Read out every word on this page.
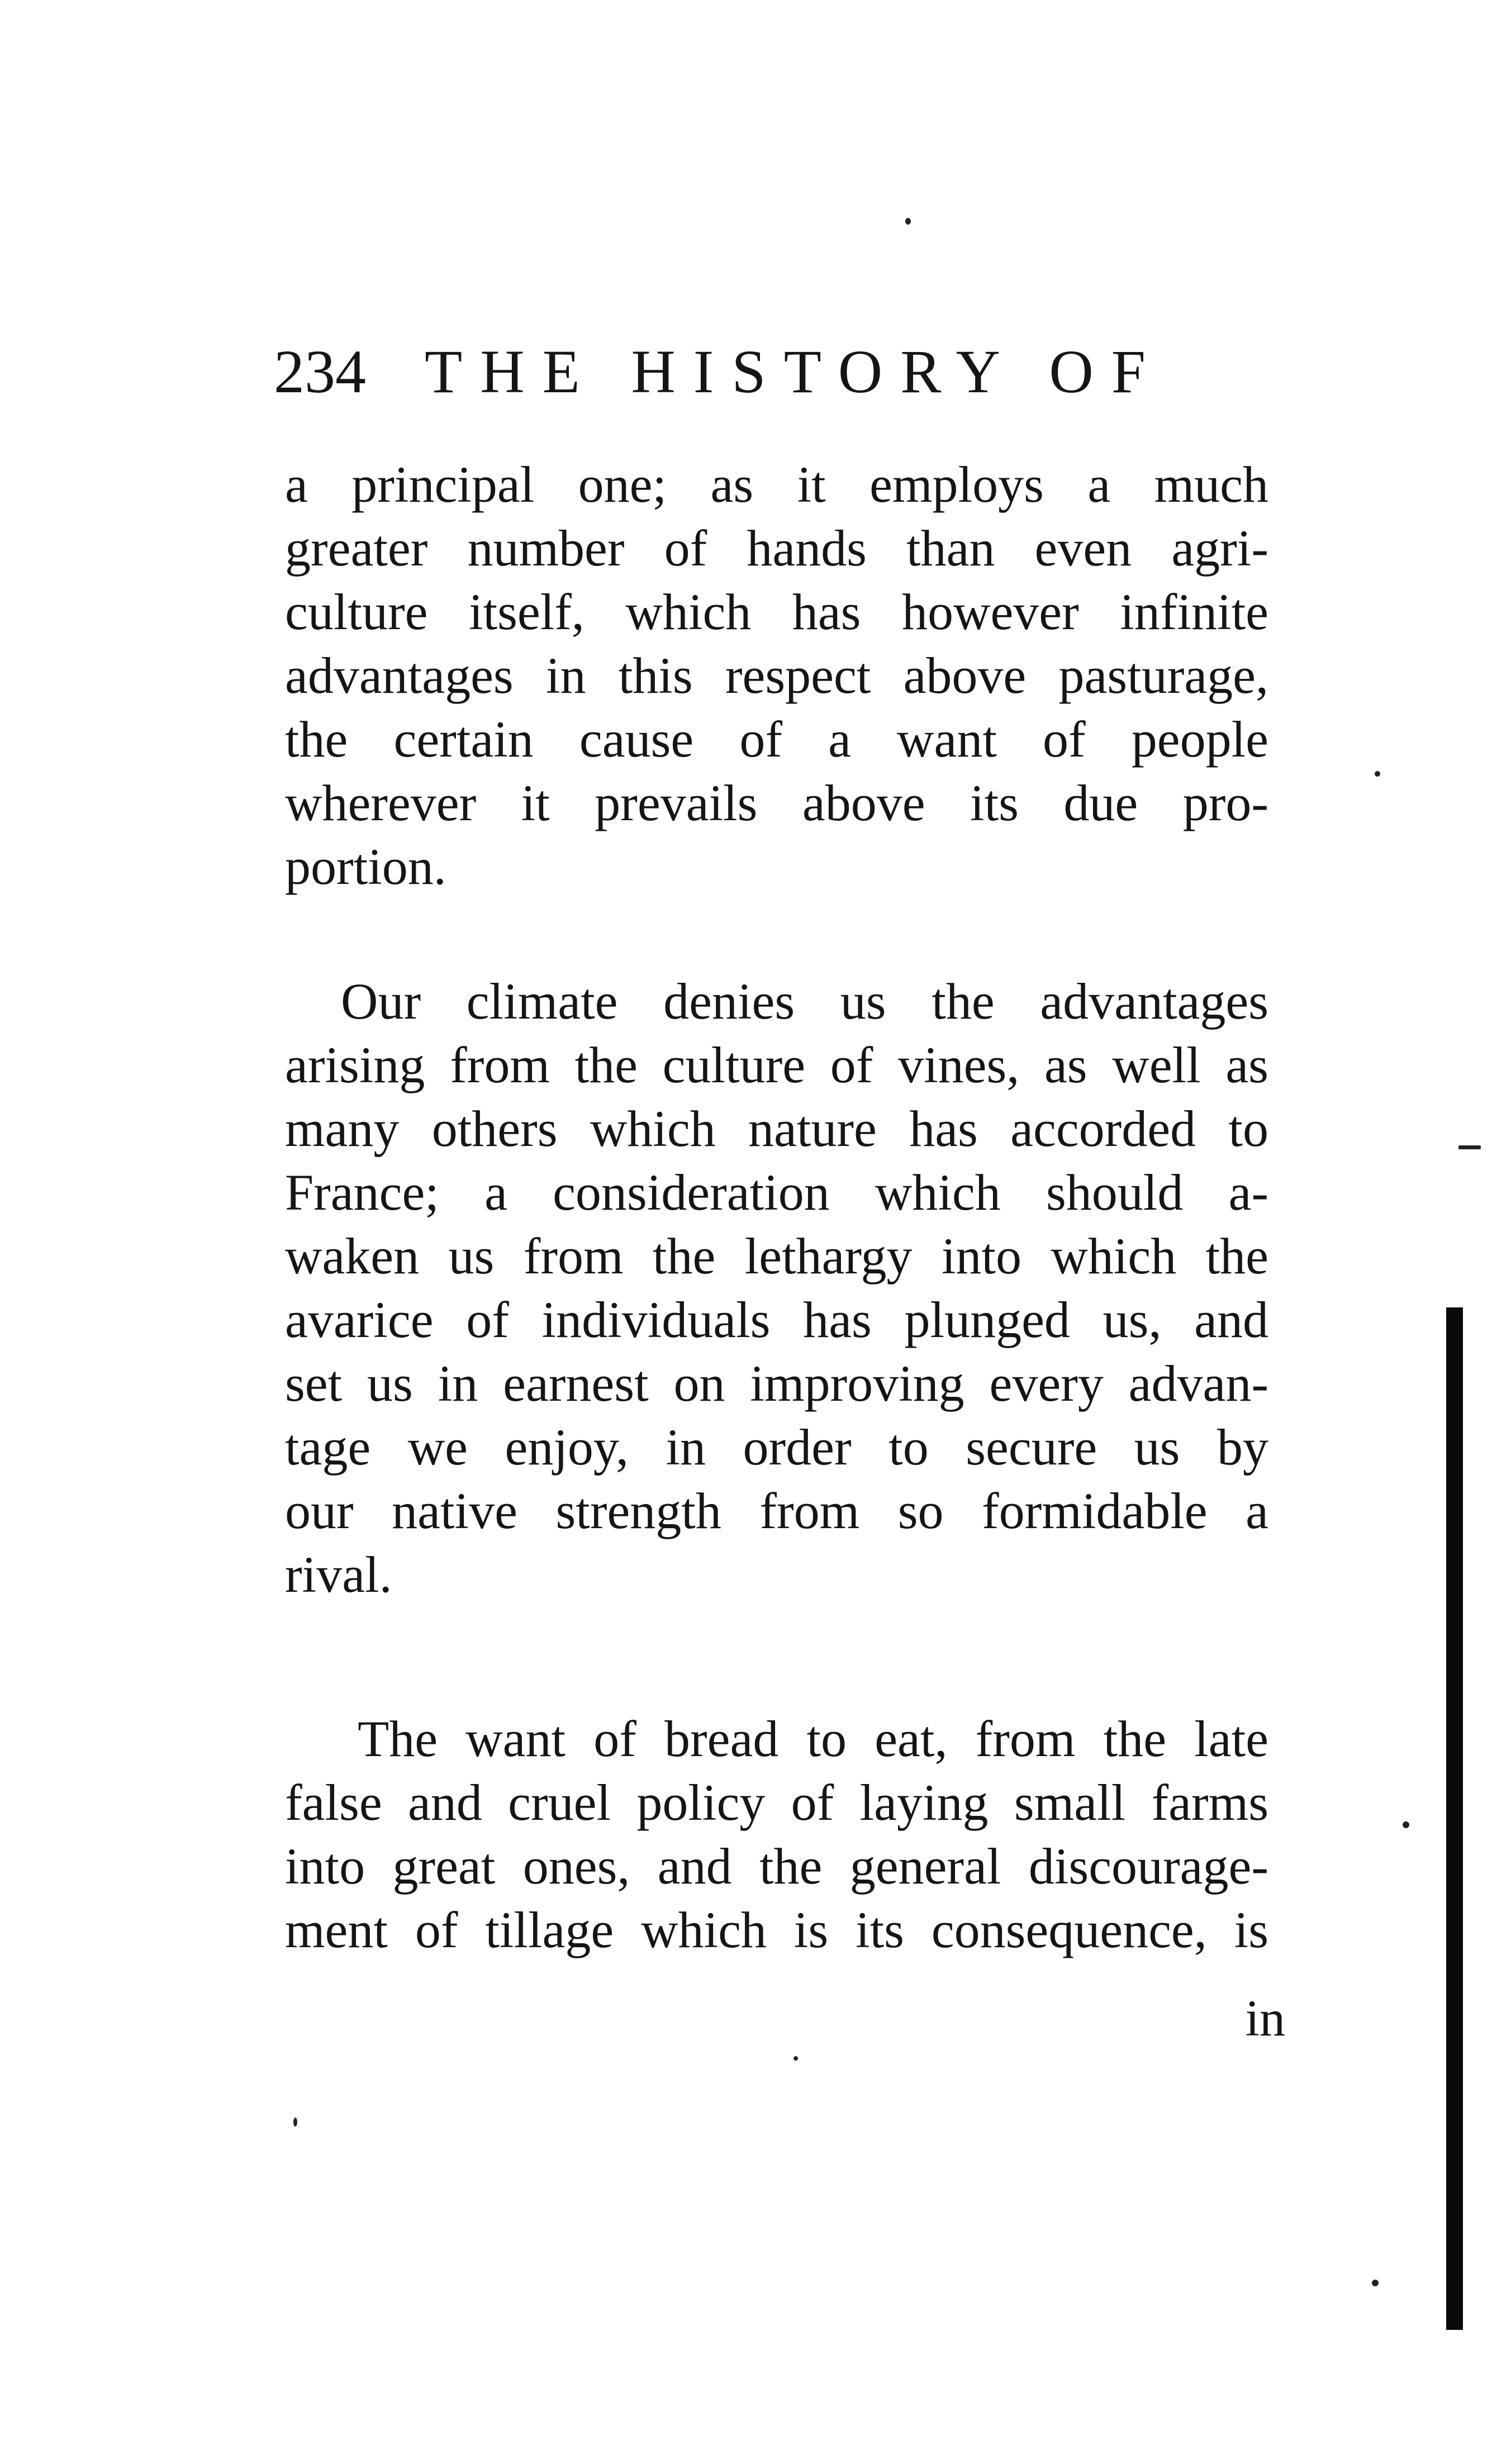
234 THE HISTORY OF
a principal one; as it employs a much
greater number of hands than even agri-
culture itself, which has however infinite
advantages in this respect above pasturage,
the certain cause of a want of people
wherever it prevails above its due pro-
portion.
Our climate denies us the advantages
arising from the culture of vines, as well as
many others which nature has accorded to
France; a consideration which should a-
waken us from the lethargy into which the
avarice of individuals has plunged us, and
set us in earnest on improving every advan-
tage we enjoy, in order to secure us by
our native strength from so formidable a
rival.
The want of bread to eat, from the late
false and cruel policy of laying small farms
into great ones, and the general discourage-
ment of tillage which is its consequence, is
in
